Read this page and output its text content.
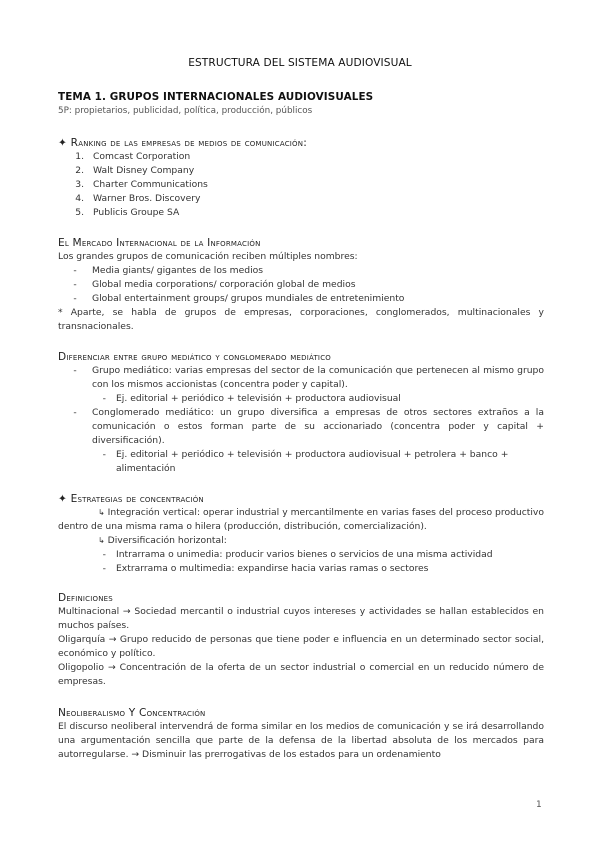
ESTRUCTURA DEL SISTEMA AUDIOVISUAL
TEMA 1. GRUPOS INTERNACIONALES AUDIOVISUALES
5P: propietarios, publicidad, política, producción, públicos
✦ Ranking de las empresas de medios de comunicación:
1. Comcast Corporation
2. Walt Disney Company
3. Charter Communications
4. Warner Bros. Discovery
5. Publicis Groupe SA
El Mercado Internacional de la Información
Los grandes grupos de comunicación reciben múltiples nombres:
-	Media giants/ gigantes de los medios
-	Global media corporations/ corporación global de medios
-	Global entertainment groups/ grupos mundiales de entretenimiento
* Aparte, se habla de grupos de empresas, corporaciones, conglomerados, multinacionales y transnacionales.
Diferenciar entre grupo mediático y conglomerado mediático
-	Grupo mediático: varias empresas del sector de la comunicación que pertenecen al mismo grupo con los mismos accionistas (concentra poder y capital).
-	Ej. editorial + periódico + televisión + productora audiovisual
-	Conglomerado mediático: un grupo diversifica a empresas de otros sectores extraños a la comunicación o estos forman parte de su accionariado (concentra poder y capital + diversificación).
-	Ej. editorial + periódico + televisión + productora audiovisual + petrolera + banco + alimentación
✦ Estrategias de concentración
↳ Integración vertical: operar industrial y mercantilmente en varias fases del proceso productivo dentro de una misma rama o hilera (producción, distribución, comercialización).
↳ Diversificación horizontal:
-	Intrarrama o unimedia: producir varios bienes o servicios de una misma actividad
-	Extrarrama o multimedia: expandirse hacia varias ramas o sectores
Definiciones
Multinacional → Sociedad mercantil o industrial cuyos intereses y actividades se hallan establecidos en muchos países.
Oligarquía → Grupo reducido de personas que tiene poder e influencia en un determinado sector social, económico y político.
Oligopolio → Concentración de la oferta de un sector industrial o comercial en un reducido número de empresas.
Neoliberalismo Y Concentración
El discurso neoliberal intervendrá de forma similar en los medios de comunicación y se irá desarrollando una argumentación sencilla que parte de la defensa de la libertad absoluta de los mercados para autorregularse. → Disminuir las prerrogativas de los estados para un ordenamiento
1
